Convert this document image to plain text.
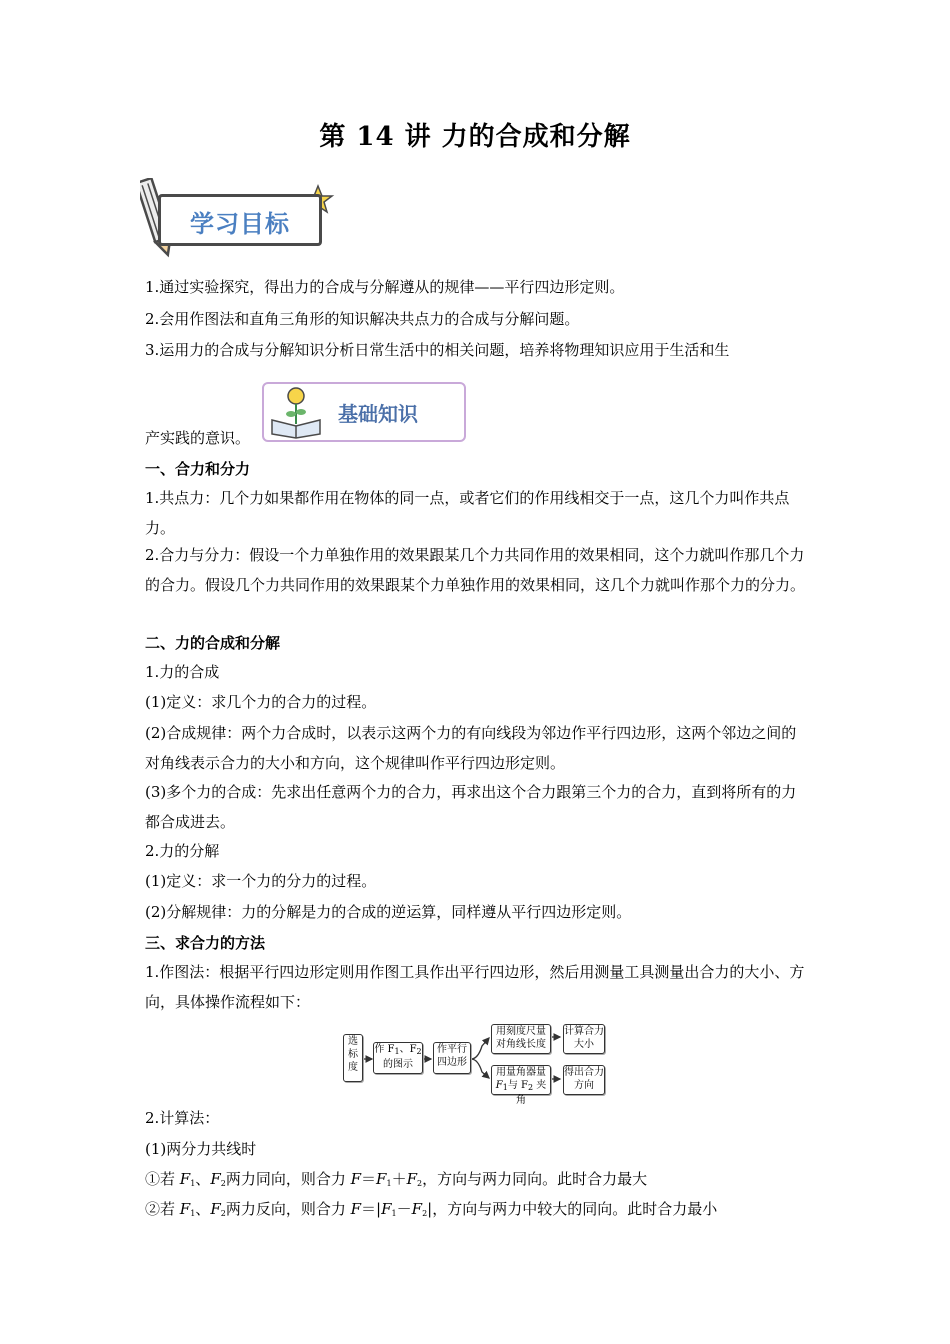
第 14 讲 力的合成和分解
学习目标
1.通过实验探究，得出力的合成与分解遵从的规律——平行四边形定则。
2.会用作图法和直角三角形的知识解决共点力的合成与分解问题。
3.运用力的合成与分解知识分析日常生活中的相关问题，培养将物理知识应用于生活和生
产实践的意识。
基础知识
一、合力和分力
1.共点力：几个力如果都作用在物体的同一点，或者它们的作用线相交于一点，这几个力叫作共点力。
2.合力与分力：假设一个力单独作用的效果跟某几个力共同作用的效果相同，这个力就叫作那几个力的合力。假设几个力共同作用的效果跟某个力单独作用的效果相同，这几个力就叫作那个力的分力。
二、力的合成和分解
1.力的合成
(1)定义：求几个力的合力的过程。
(2)合成规律：两个力合成时，以表示这两个力的有向线段为邻边作平行四边形，这两个邻边之间的对角线表示合力的大小和方向，这个规律叫作平行四边形定则。
(3)多个力的合成：先求出任意两个力的合力，再求出这个合力跟第三个力的合力，直到将所有的力都合成进去。
2.力的分解
(1)定义：求一个力的分力的过程。
(2)分解规律：力的分解是力的合成的逆运算，同样遵从平行四边形定则。
三、求合力的方法
1.作图法：根据平行四边形定则用作图工具作出平行四边形，然后用测量工具测量出合力的大小、方向，具体操作流程如下：
选标度
作 $F_1$、$F_2$
的图示
作平行四边形
用刻度尺量对角线长度
用量角器量
$F_1$与 $F_2$ 夹角
计算合力大小
得出合力方向
2.计算法：
(1)两分力共线时
①若 $F_1$、$F_2$两力同向，则合力 $F=F_1+F_2$，方向与两力同向。此时合力最大
②若 $F_1$、$F_2$两力反向，则合力 $F=|F_1-F_2|$，方向与两力中较大的同向。此时合力最小
